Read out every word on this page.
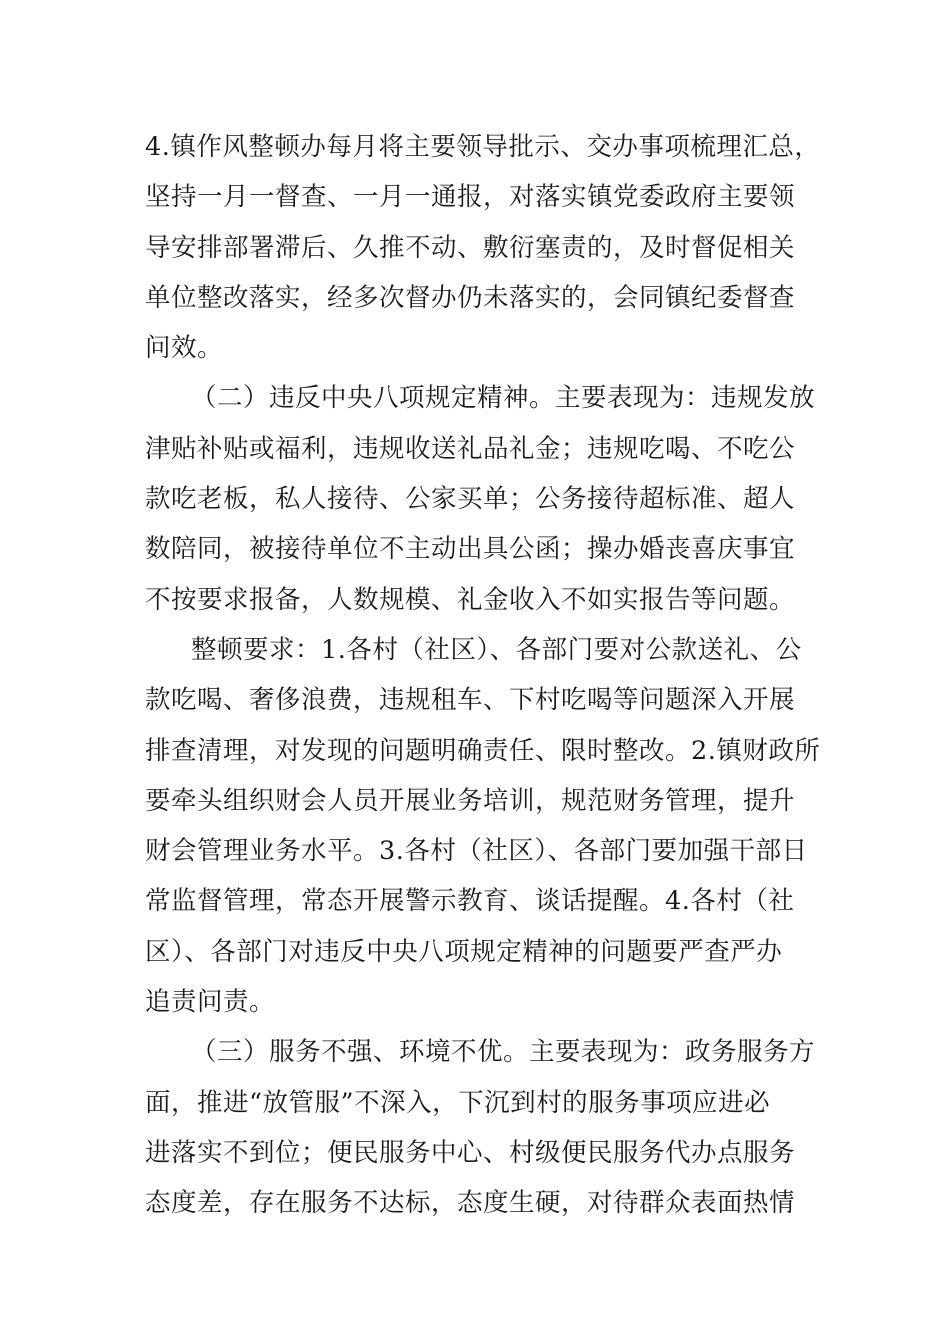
4.镇作风整顿办每月将主要领导批示、交办事项梳理汇总，
坚持一月一督查、一月一通报，对落实镇党委政府主要领
导安排部署滞后、久推不动、敷衍塞责的，及时督促相关
单位整改落实，经多次督办仍未落实的，会同镇纪委督查
问效。
（二）违反中央八项规定精神。主要表现为：违规发放
津贴补贴或福利，违规收送礼品礼金；违规吃喝、不吃公
款吃老板，私人接待、公家买单；公务接待超标准、超人
数陪同，被接待单位不主动出具公函；操办婚丧喜庆事宜
不按要求报备，人数规模、礼金收入不如实报告等问题。
整顿要求：1.各村（社区）、各部门要对公款送礼、公
款吃喝、奢侈浪费，违规租车、下村吃喝等问题深入开展
排查清理，对发现的问题明确责任、限时整改。2.镇财政所
要牵头组织财会人员开展业务培训，规范财务管理，提升
财会管理业务水平。3.各村（社区）、各部门要加强干部日
常监督管理，常态开展警示教育、谈话提醒。4.各村（社
区）、各部门对违反中央八项规定精神的问题要严查严办
追责问责。
（三）服务不强、环境不优。主要表现为：政务服务方
面，推进“放管服”不深入，下沉到村的服务事项应进必
进落实不到位；便民服务中心、村级便民服务代办点服务
态度差，存在服务不达标，态度生硬，对待群众表面热情
